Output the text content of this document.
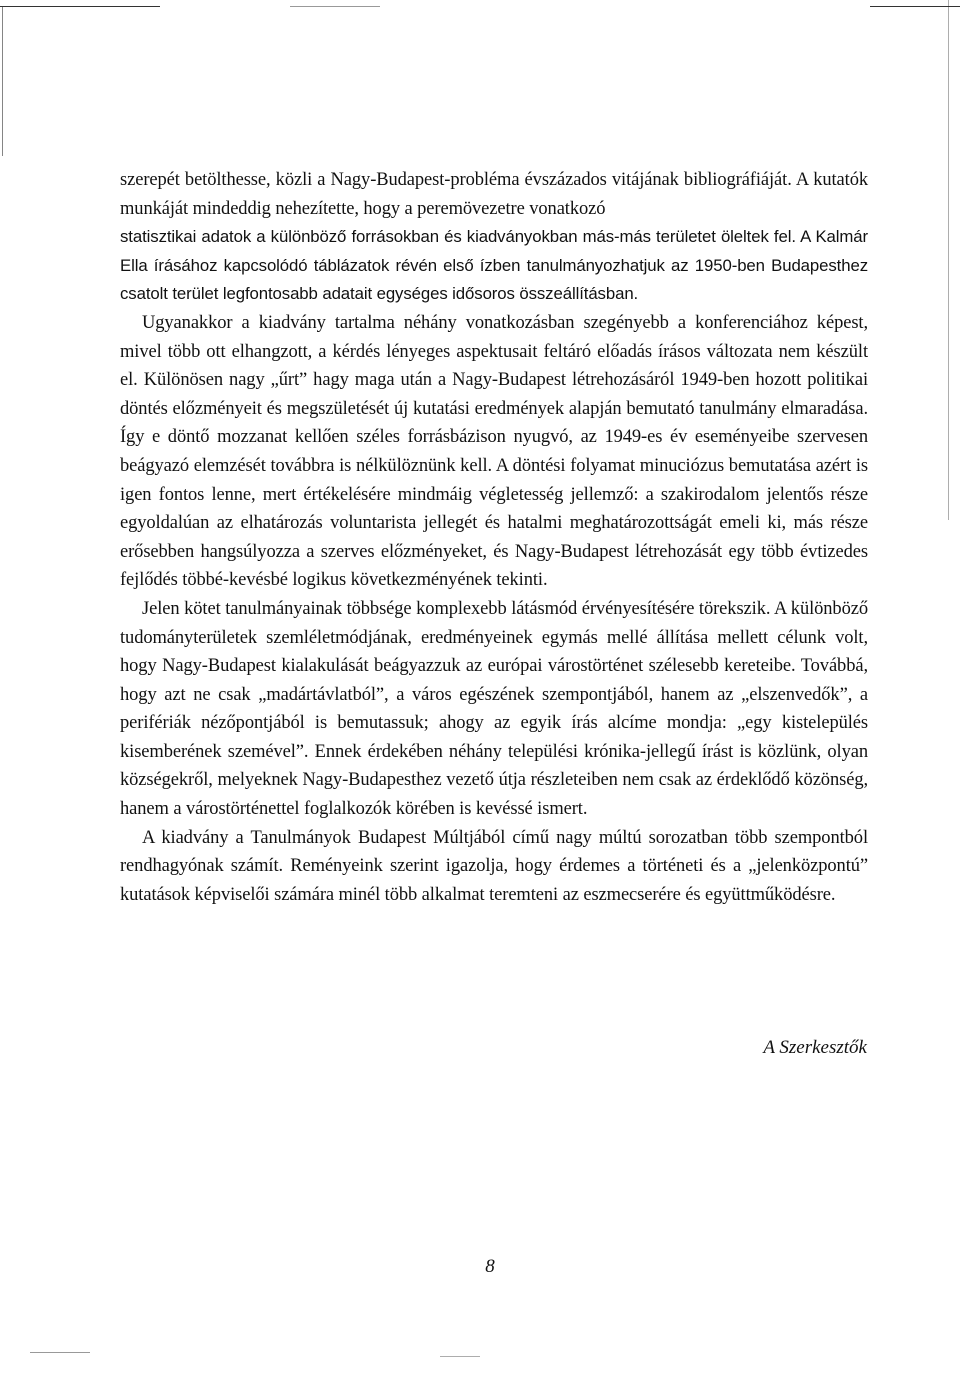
szerepét betölthesse, közli a Nagy-Budapest-probléma évszázados vitájának bibliográfiáját. A kutatók munkáját mindeddig nehezítette, hogy a peremövezetre vonatkozó

statisztikai adatok a különböző forrásokban és kiadványokban más-más területet öleltek fel. A Kalmár Ella írásához kapcsolódó táblázatok révén első ízben tanulmányozhatjuk az 1950-ben Budapesthez csatolt terület legfontosabb adatait egységes idősoros összeállításban.

Ugyanakkor a kiadvány tartalma néhány vonatkozásban szegényebb a konferenciához képest, mivel több ott elhangzott, a kérdés lényeges aspektusait feltáró előadás írásos változata nem készült el. Különösen nagy „űrt” hagy maga után a Nagy-Budapest létrehozásáról 1949-ben hozott politikai döntés előzményeit és megszületését új kutatási eredmények alapján bemutató tanulmány elmaradása. Így e döntő mozzanat kellően széles forrásbázison nyugvó, az 1949-es év eseményeibe szervesen beágyazó elemzését továbbra is nélkülöznünk kell. A döntési folyamat minuciózus bemutatása azért is igen fontos lenne, mert értékelésére mindmáig végletesség jellemző: a szakirodalom jelentős része egyoldalúan az elhatározás voluntarista jellegét és hatalmi meghatározottságát emeli ki, más része erősebben hangsúlyozza a szerves előzményeket, és Nagy-Budapest létrehozását egy több évtizedes fejlődés többé-kevésbé logikus következményének tekinti.

Jelen kötet tanulmányainak többsége komplexebb látásmód érvényesítésére törekszik. A különböző tudományterületek szemléletmódjának, eredményeinek egymás mellé állítása mellett célunk volt, hogy Nagy-Budapest kialakulását beágyazzuk az európai várostörténet szélesebb kereteibe. Továbbá, hogy azt ne csak „madártávlatból”, a város egészének szempontjából, hanem az „elszenvedők”, a perifériák nézőpontjából is bemutassuk; ahogy az egyik írás alcíme mondja: „egy kistelepülés kisemberének szemével”. Ennek érdekében néhány települési krónika-jellegű írást is közlünk, olyan községekről, melyeknek Nagy-Budapesthez vezető útja részleteiben nem csak az érdeklődő közönség, hanem a várostörténettel foglalkozók körében is kevéssé ismert.

A kiadvány a Tanulmányok Budapest Múltjából című nagy múltú sorozatban több szempontból rendhagyónak számít. Reményeink szerint igazolja, hogy érdemes a történeti és a „jelenközpontú” kutatások képviselői számára minél több alkalmat teremteni az eszmecserére és együttműködésre.

A Szerkesztők

8
